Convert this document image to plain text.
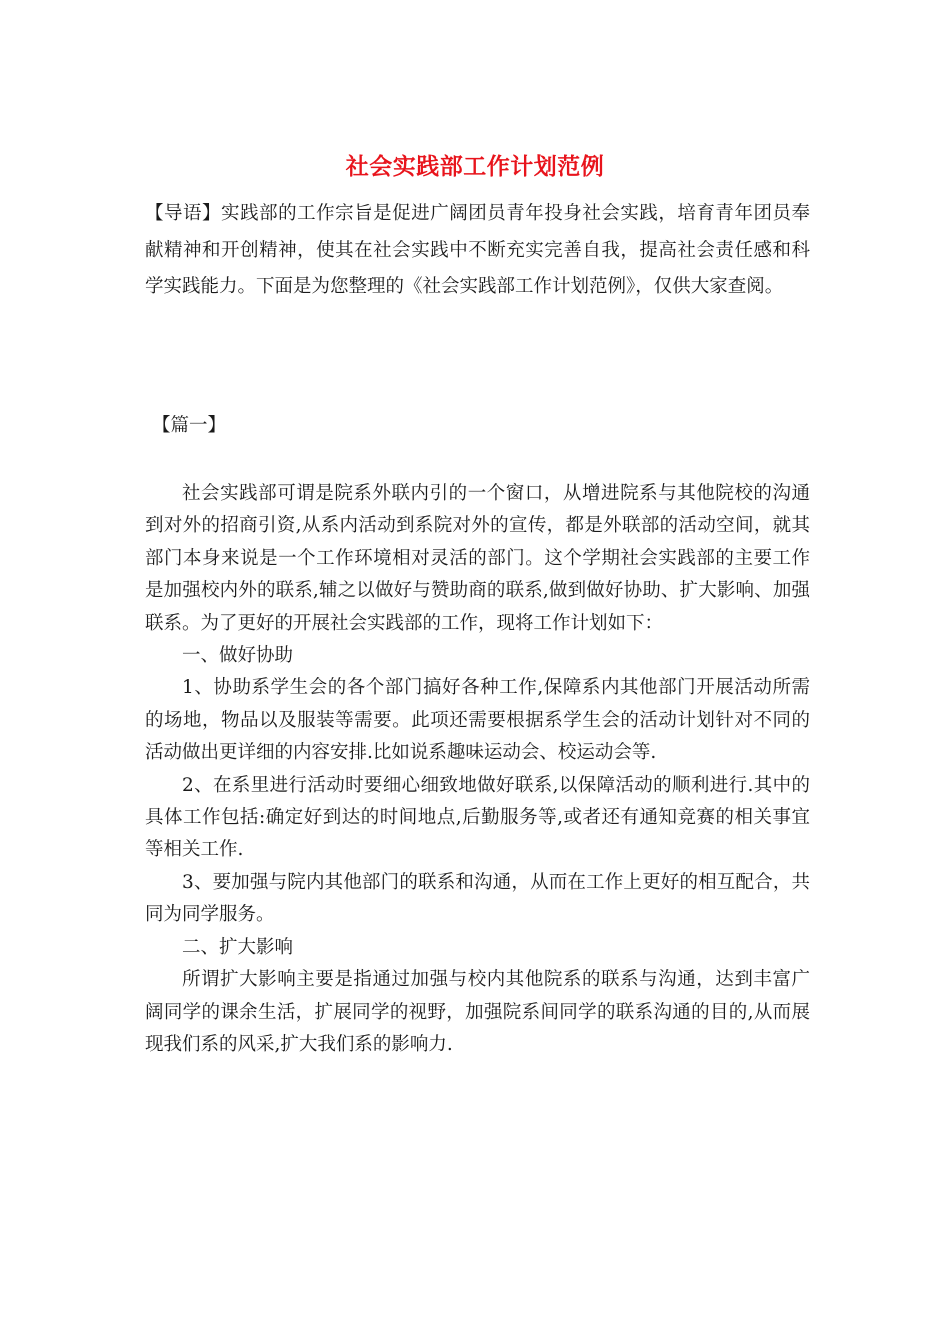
社会实践部工作计划范例
【导语】实践部的工作宗旨是促进广阔团员青年投身社会实践，培育青年团员奉献精神和开创精神，使其在社会实践中不断充实完善自我，提高社会责任感和科学实践能力。下面是为您整理的《社会实践部工作计划范例》，仅供大家查阅。
【篇一】

社会实践部可谓是院系外联内引的一个窗口，从增进院系与其他院校的沟通到对外的招商引资,从系内活动到系院对外的宣传，都是外联部的活动空间，就其部门本身来说是一个工作环境相对灵活的部门。这个学期社会实践部的主要工作是加强校内外的联系,辅之以做好与赞助商的联系,做到做好协助、扩大影响、加强联系。为了更好的开展社会实践部的工作，现将工作计划如下：

一、做好协助

1、协助系学生会的各个部门搞好各种工作,保障系内其他部门开展活动所需的场地，物品以及服装等需要。此项还需要根据系学生会的活动计划针对不同的活动做出更详细的内容安排.比如说系趣味运动会、校运动会等.

2、在系里进行活动时要细心细致地做好联系,以保障活动的顺利进行.其中的具体工作包括:确定好到达的时间地点,后勤服务等,或者还有通知竞赛的相关事宜等相关工作.

3、要加强与院内其他部门的联系和沟通，从而在工作上更好的相互配合，共同为同学服务。

二、扩大影响

所谓扩大影响主要是指通过加强与校内其他院系的联系与沟通，达到丰富广阔同学的课余生活，扩展同学的视野，加强院系间同学的联系沟通的目的,从而展现我们系的风采,扩大我们系的影响力.
